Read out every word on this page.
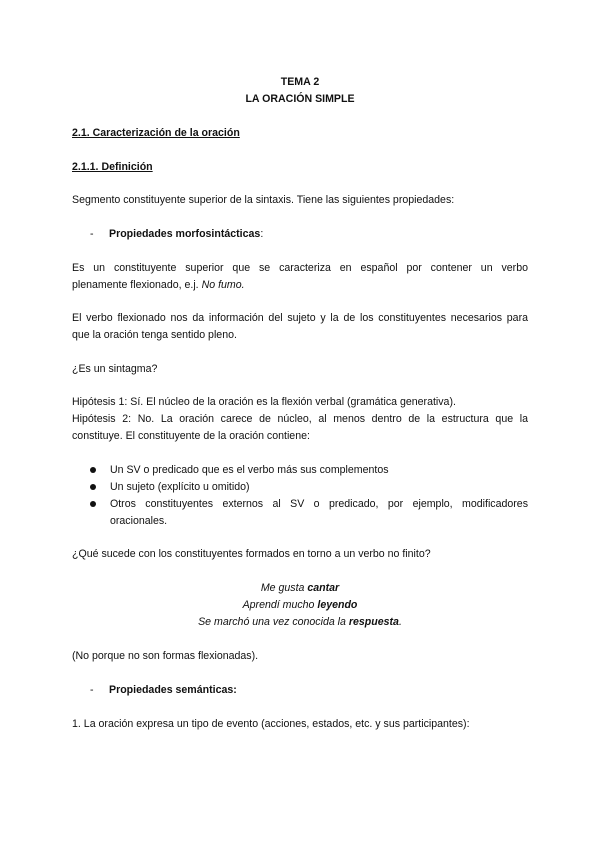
TEMA 2
LA ORACIÓN SIMPLE
2.1. Caracterización de la oración
2.1.1. Definición
Segmento constituyente superior de la sintaxis. Tiene las siguientes propiedades:
- Propiedades morfosintácticas:
Es un constituyente superior que se caracteriza en español por contener un verbo
plenamente flexionado, e.j. No fumo.
El verbo flexionado nos da información del sujeto y la de los constituyentes necesarios para
que la oración tenga sentido pleno.
¿Es un sintagma?
Hipótesis 1: Sí. El núcleo de la oración es la flexión verbal (gramática generativa).
Hipótesis 2: No. La oración carece de núcleo, al menos dentro de la estructura que la
constituye. El constituyente de la oración contiene:
Un SV o predicado que es el verbo más sus complementos
Un sujeto (explícito u omitido)
Otros constituyentes externos al SV o predicado, por ejemplo, modificadores
oracionales.
¿Qué sucede con los constituyentes formados en torno a un verbo no finito?
Me gusta cantar
Aprendí mucho leyendo
Se marchó una vez conocida la respuesta.
(No porque no son formas flexionadas).
- Propiedades semánticas:
1. La oración expresa un tipo de evento (acciones, estados, etc. y sus participantes):
